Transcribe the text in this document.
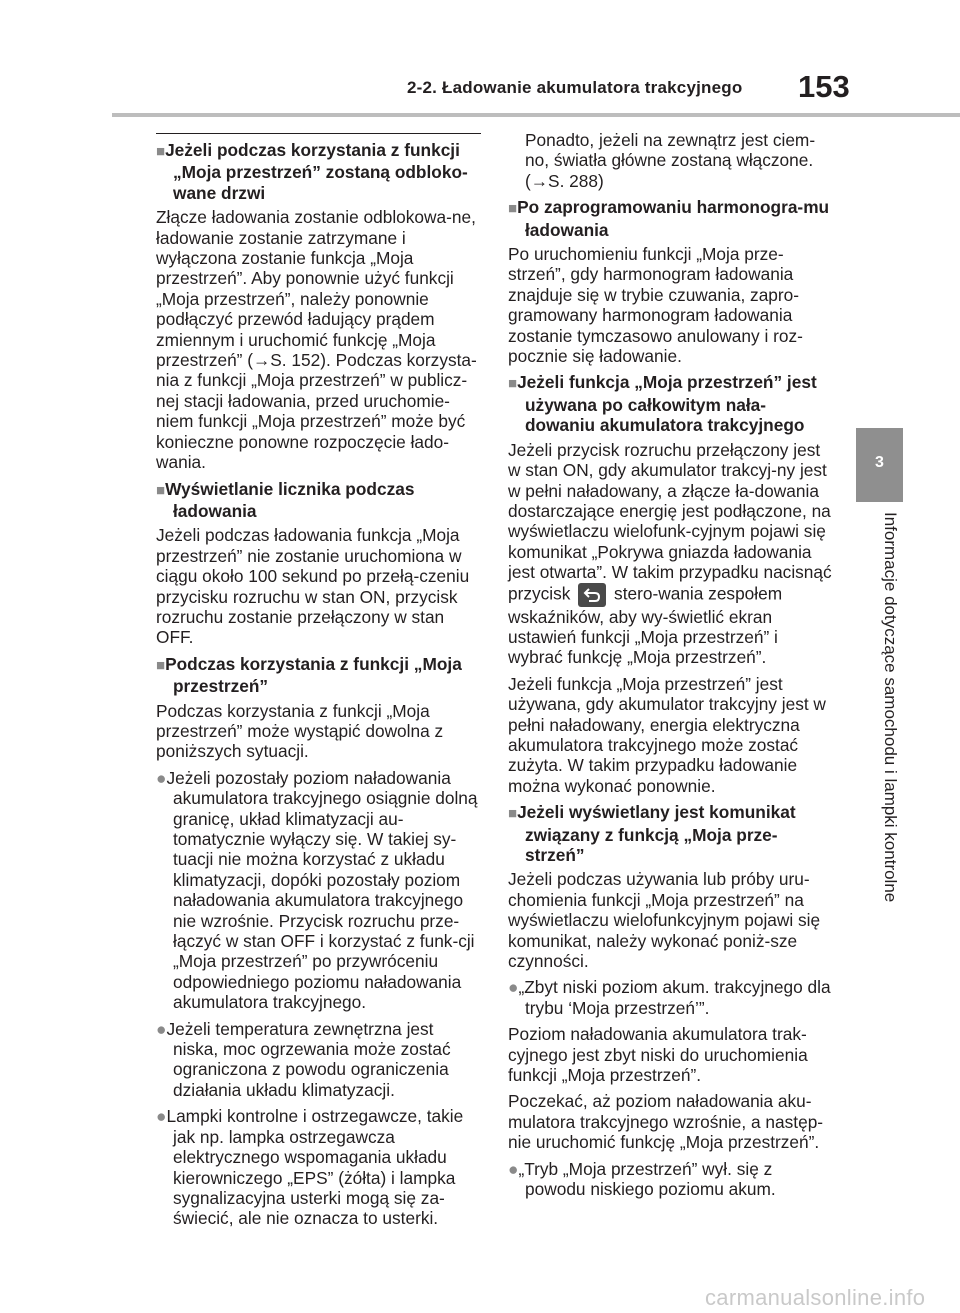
2-2. Ładowanie akumulatora trakcyjnego 153
3
Informacje dotyczące samochodu i lampki kontrolne
■Jeżeli podczas korzystania z funkcji „Moja przestrzeń” zostaną odbloko-wane drzwi
Złącze ładowania zostanie odblokowa-ne, ładowanie zostanie zatrzymane i wyłączona zostanie funkcja „Moja przestrzeń”. Aby ponownie użyć funkcji „Moja przestrzeń”, należy ponownie podłączyć przewód ładujący prądem zmiennym i uruchomić funkcję „Moja przestrzeń” (→S. 152). Podczas korzysta-nia z funkcji „Moja przestrzeń” w publicz-nej stacji ładowania, przed uruchomie-niem funkcji „Moja przestrzeń” może być konieczne ponowne rozpoczęcie łado-wania.
■Wyświetlanie licznika podczas ładowania
Jeżeli podczas ładowania funkcja „Moja przestrzeń” nie zostanie uruchomiona w ciągu około 100 sekund po przełą-czeniu przycisku rozruchu w stan ON, przycisk rozruchu zostanie przełączony w stan OFF.
■Podczas korzystania z funkcji „Moja przestrzeń”
Podczas korzystania z funkcji „Moja przestrzeń” może wystąpić dowolna z poniższych sytuacji.
●Jeżeli pozostały poziom naładowania akumulatora trakcyjnego osiągnie dolną granicę, układ klimatyzacji au-tomatycznie wyłączy się. W takiej sy-tuacji nie można korzystać z układu klimatyzacji, dopóki pozostały poziom naładowania akumulatora trakcyjnego nie wzrośnie. Przycisk rozruchu prze-łączyć w stan OFF i korzystać z funk-cji „Moja przestrzeń” po przywróceniu odpowiedniego poziomu naładowania akumulatora trakcyjnego.
●Jeżeli temperatura zewnętrzna jest niska, moc ogrzewania może zostać ograniczona z powodu ograniczenia działania układu klimatyzacji.
●Lampki kontrolne i ostrzegawcze, takie jak np. lampka ostrzegawcza elektrycznego wspomagania układu kierowniczego „EPS” (żółta) i lampka sygnalizacyjna usterki mogą się za-świecić, ale nie oznacza to usterki.
Ponadto, jeżeli na zewnątrz jest ciem-no, światła główne zostaną włączone. (→S. 288)
■Po zaprogramowaniu harmonogra-mu ładowania
Po uruchomieniu funkcji „Moja prze-strzeń”, gdy harmonogram ładowania znajduje się w trybie czuwania, zapro-gramowany harmonogram ładowania zostanie tymczasowo anulowany i roz-pocznie się ładowanie.
■Jeżeli funkcja „Moja przestrzeń” jest używana po całkowitym nała-dowaniu akumulatora trakcyjnego
Jeżeli przycisk rozruchu przełączony jest w stan ON, gdy akumulator trakcyj-ny jest w pełni naładowany, a złącze ła-dowania dostarczające energię jest podłączone, na wyświetlaczu wielofunk-cyjnym pojawi się komunikat „Pokrywa gniazda ładowania jest otwarta”. W takim przypadku nacisnąć przycisk	stero-wania zespołem wskaźników, aby wy-świetlić ekran ustawień funkcji „Moja przestrzeń” i wybrać funkcję „Moja przestrzeń”.
Jeżeli funkcja „Moja przestrzeń” jest używana, gdy akumulator trakcyjny jest w pełni naładowany, energia elektryczna akumulatora trakcyjnego może zostać zużyta. W takim przypadku ładowanie można wykonać ponownie.
■Jeżeli wyświetlany jest komunikat związany z funkcją „Moja prze-strzeń”
Jeżeli podczas używania lub próby uru-chomienia funkcji „Moja przestrzeń” na wyświetlaczu wielofunkcyjnym pojawi się komunikat, należy wykonać poniż-sze czynności.
●„Zbyt niski poziom akum. trakcyjnego dla trybu ‘Moja przestrzeń’”.
Poziom naładowania akumulatora trak-cyjnego jest zbyt niski do uruchomienia funkcji „Moja przestrzeń”.
Poczekać, aż poziom naładowania aku-mulatora trakcyjnego wzrośnie, a następ-nie uruchomić funkcję „Moja przestrzeń”.
●„Tryb „Moja przestrzeń” wył. się z powodu niskiego poziomu akum.
carmanualsonline.info
